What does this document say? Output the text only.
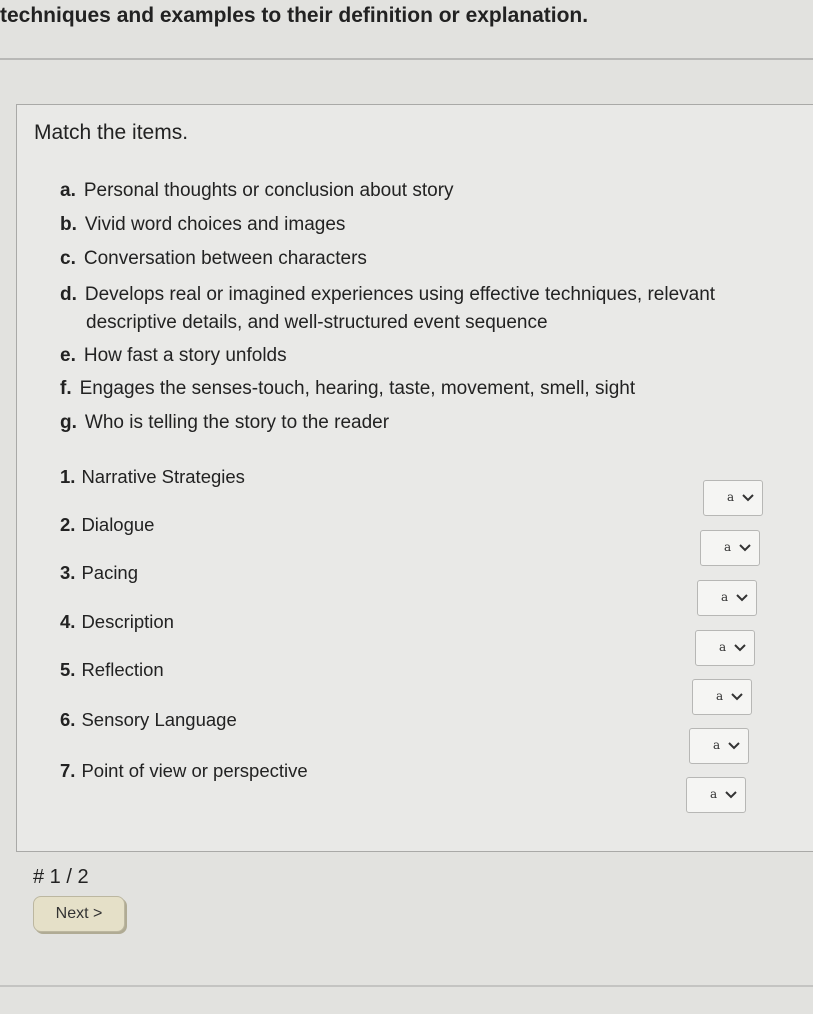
techniques and examples to their definition or explanation.
Match the items.
a. Personal thoughts or conclusion about story
b. Vivid word choices and images
c. Conversation between characters
d. Develops real or imagined experiences using effective techniques, relevant
descriptive details, and well-structured event sequence
e. How fast a story unfolds
f. Engages the senses-touch, hearing, taste, movement, smell, sight
g. Who is telling the story to the reader
1. Narrative Strategies
2. Dialogue
3. Pacing
4. Description
5. Reflection
6. Sensory Language
7. Point of view or perspective
a
a
a
a
a
a
a
# 1 / 2
Next >
